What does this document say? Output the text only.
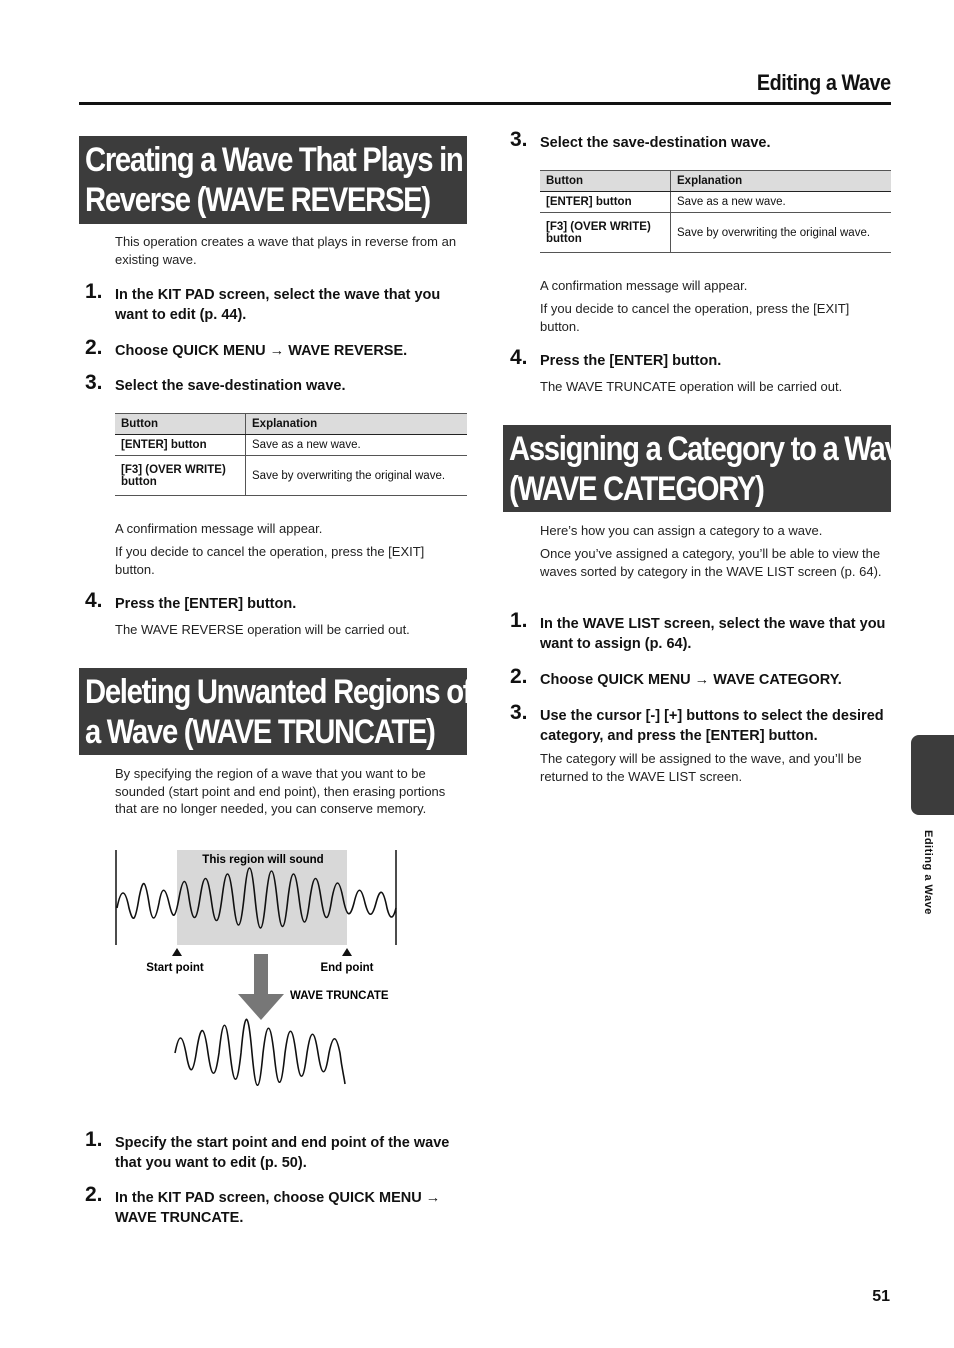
Editing a Wave
Creating a Wave That Plays in
Reverse (WAVE REVERSE)
This operation creates a wave that plays in reverse from an existing wave.
1. In the KIT PAD screen, select the wave that you want to edit (p. 44).
2. Choose QUICK MENU → WAVE REVERSE.
3. Select the save-destination wave.
Button	Explanation
[ENTER] button	Save as a new wave.
[F3] (OVER WRITE) button	Save by overwriting the original wave.
A confirmation message will appear.
If you decide to cancel the operation, press the [EXIT] button.
4. Press the [ENTER] button.
The WAVE REVERSE operation will be carried out.
Deleting Unwanted Regions of
a Wave (WAVE TRUNCATE)
By specifying the region of a wave that you want to be sounded (start point and end point), then erasing portions that are no longer needed, you can conserve memory.
This region will sound
Start point	End point
WAVE TRUNCATE
1. Specify the start point and end point of the wave that you want to edit (p. 50).
2. In the KIT PAD screen, choose QUICK MENU → WAVE TRUNCATE.
3. Select the save-destination wave.
Button	Explanation
[ENTER] button	Save as a new wave.
[F3] (OVER WRITE) button	Save by overwriting the original wave.
A confirmation message will appear.
If you decide to cancel the operation, press the [EXIT] button.
4. Press the [ENTER] button.
The WAVE TRUNCATE operation will be carried out.
Assigning a Category to a Wave
(WAVE CATEGORY)
Here’s how you can assign a category to a wave.
Once you’ve assigned a category, you’ll be able to view the waves sorted by category in the WAVE LIST screen (p. 64).
1. In the WAVE LIST screen, select the wave that you want to assign (p. 64).
2. Choose QUICK MENU → WAVE CATEGORY.
3. Use the cursor [-] [+] buttons to select the desired category, and press the [ENTER] button.
The category will be assigned to the wave, and you’ll be returned to the WAVE LIST screen.
Editing a Wave
51
